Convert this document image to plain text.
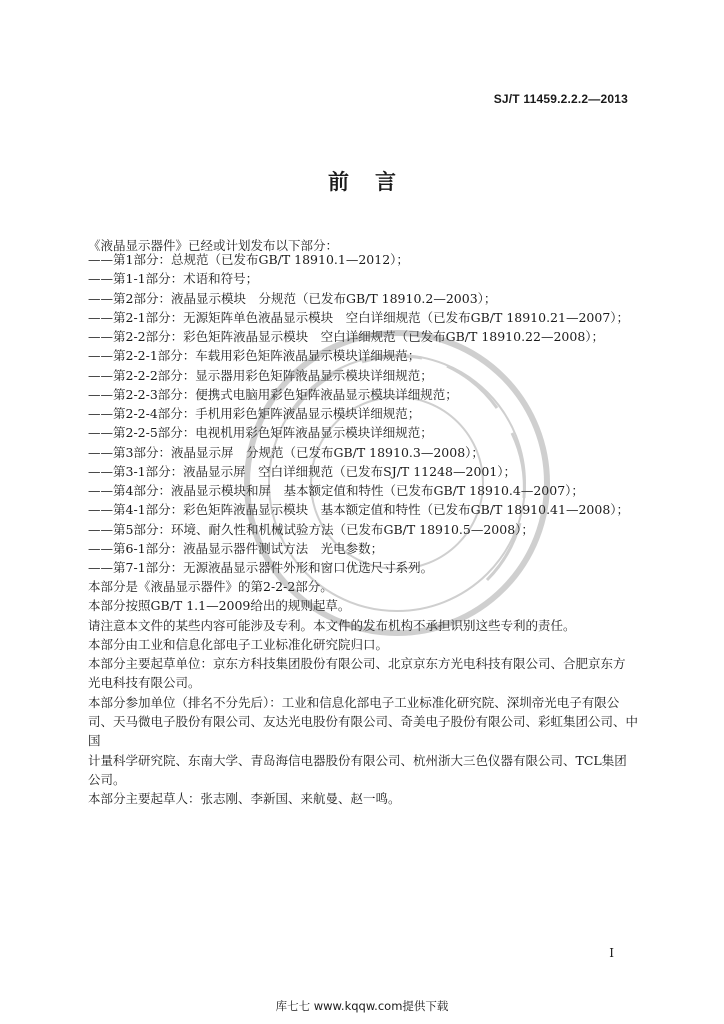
SJ/T 11459.2.2.2—2013
前言
《液晶显示器件》已经或计划发布以下部分：
——第1部分：总规范（已发布GB/T 18910.1—2012）；
——第1-1部分：术语和符号；
——第2部分：液晶显示模块　分规范（已发布GB/T 18910.2—2003）；
——第2-1部分：无源矩阵单色液晶显示模块　空白详细规范（已发布GB/T 18910.21—2007）；
——第2-2部分：彩色矩阵液晶显示模块　空白详细规范（已发布GB/T 18910.22—2008）；
——第2-2-1部分：车载用彩色矩阵液晶显示模块详细规范；
——第2-2-2部分：显示器用彩色矩阵液晶显示模块详细规范；
——第2-2-3部分：便携式电脑用彩色矩阵液晶显示模块详细规范；
——第2-2-4部分：手机用彩色矩阵液晶显示模块详细规范；
——第2-2-5部分：电视机用彩色矩阵液晶显示模块详细规范；
——第3部分：液晶显示屏　分规范（已发布GB/T 18910.3—2008）；
——第3-1部分：液晶显示屏　空白详细规范（已发布SJ/T 11248—2001）；
——第4部分：液晶显示模块和屏　基本额定值和特性（已发布GB/T 18910.4—2007）；
——第4-1部分：彩色矩阵液晶显示模块　基本额定值和特性（已发布GB/T 18910.41—2008）；
——第5部分：环境、耐久性和机械试验方法（已发布GB/T 18910.5—2008）；
——第6-1部分：液晶显示器件测试方法　光电参数；
——第7-1部分：无源液晶显示器件外形和窗口优选尺寸系列。

本部分是《液晶显示器件》的第2-2-2部分。

本部分按照GB/T 1.1—2009给出的规则起草。

请注意本文件的某些内容可能涉及专利。本文件的发布机构不承担识别这些专利的责任。

本部分由工业和信息化部电子工业标准化研究院归口。

本部分主要起草单位：京东方科技集团股份有限公司、北京京东方光电科技有限公司、合肥京东方

光电科技有限公司。

本部分参加单位（排名不分先后）：工业和信息化部电子工业标准化研究院、深圳帝光电子有限公

司、天马微电子股份有限公司、友达光电股份有限公司、奇美电子股份有限公司、彩虹集团公司、中国

计量科学研究院、东南大学、青岛海信电器股份有限公司、杭州浙大三色仪器有限公司、TCL集团公司。

本部分主要起草人：张志刚、李新国、来航曼、赵一鸣。

I
库七七 www.kqqw.com提供下载
